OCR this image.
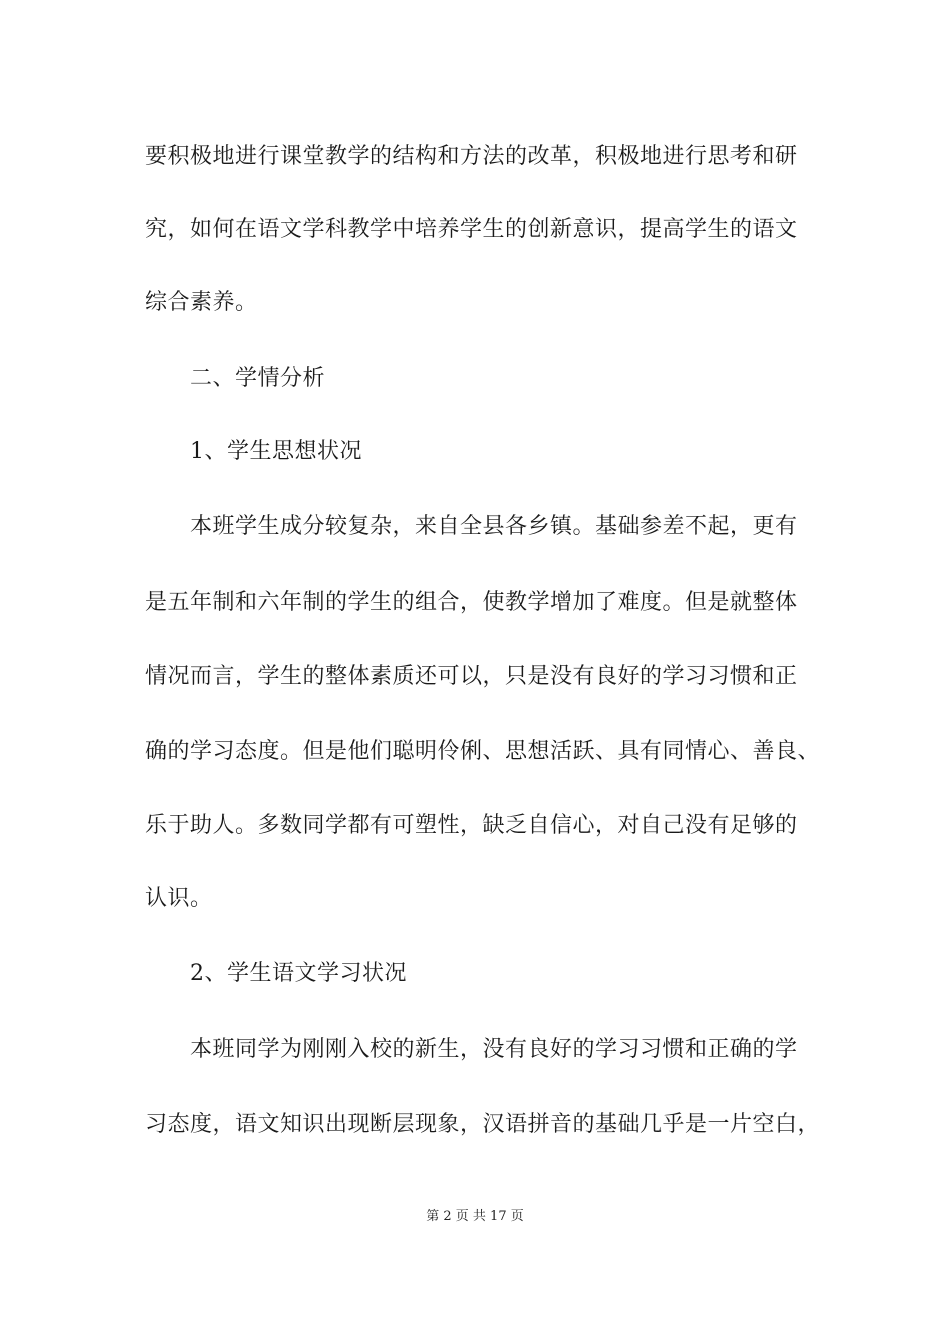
要积极地进行课堂教学的结构和方法的改革，积极地进行思考和研
究，如何在语文学科教学中培养学生的创新意识，提高学生的语文
综合素养。
二、学情分析
1、学生思想状况
本班学生成分较复杂，来自全县各乡镇。基础参差不起，更有
是五年制和六年制的学生的组合，使教学增加了难度。但是就整体
情况而言，学生的整体素质还可以，只是没有良好的学习习惯和正
确的学习态度。但是他们聪明伶俐、思想活跃、具有同情心、善良、
乐于助人。多数同学都有可塑性，缺乏自信心，对自己没有足够的
认识。
2、学生语文学习状况
本班同学为刚刚入校的新生，没有良好的学习习惯和正确的学
习态度，语文知识出现断层现象，汉语拼音的基础几乎是一片空白，
第 2 页 共 17 页
